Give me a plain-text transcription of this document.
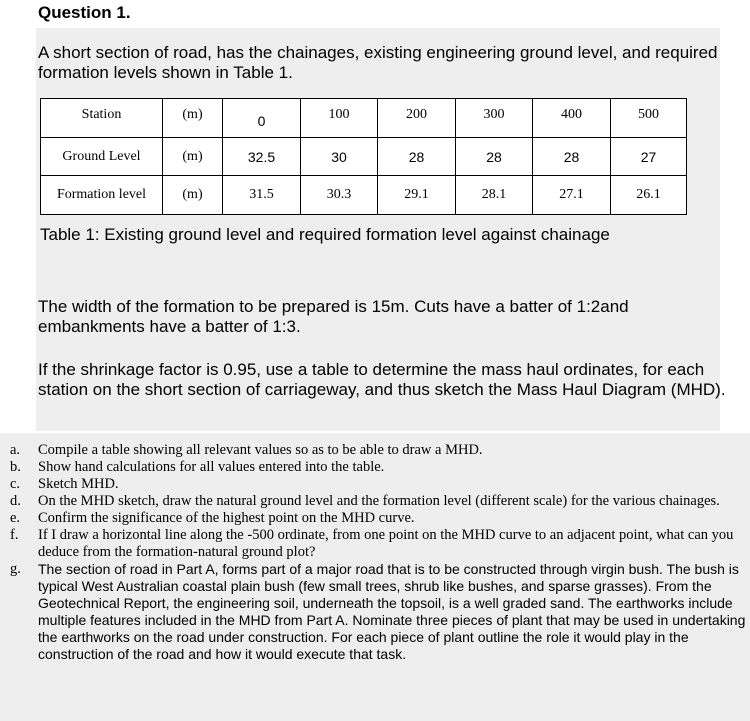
Question 1.
A short section of road, has the chainages, existing engineering ground level, and required formation levels shown in Table 1.
Station	(m)	0	100	200	300	400	500
Ground Level	(m)	32.5	30	28	28	28	27
Formation level	(m)	31.5	30.3	29.1	28.1	27.1	26.1
Table 1: Existing ground level and required formation level against chainage
The width of the formation to be prepared is 15m. Cuts have a batter of 1:2and embankments have a batter of 1:3.
If the shrinkage factor is 0.95, use a table to determine the mass haul ordinates, for each station on the short section of carriageway, and thus sketch the Mass Haul Diagram (MHD).
a. Compile a table showing all relevant values so as to be able to draw a MHD.
b. Show hand calculations for all values entered into the table.
c. Sketch MHD.
d. On the MHD sketch, draw the natural ground level and the formation level (different scale) for the various chainages.
e. Confirm the significance of the highest point on the MHD curve.
f. If I draw a horizontal line along the -500 ordinate, from one point on the MHD curve to an adjacent point, what can you deduce from the formation-natural ground plot?
g. The section of road in Part A, forms part of a major road that is to be constructed through virgin bush. The bush is typical West Australian coastal plain bush (few small trees, shrub like bushes, and sparse grasses). From the Geotechnical Report, the engineering soil, underneath the topsoil, is a well graded sand. The earthworks include multiple features included in the MHD from Part A. Nominate three pieces of plant that may be used in undertaking the earthworks on the road under construction. For each piece of plant outline the role it would play in the construction of the road and how it would execute that task.
